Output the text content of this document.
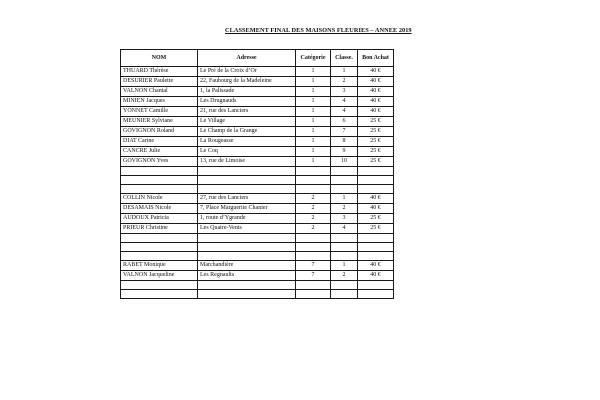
CLASSEMENT FINAL DES MAISONS FLEURIES – ANNEE 2019
NOM	Adresse	Catégorie	Classe.	Bon Achat
THUARD Thérèse	Le Pré de la Croix d’Or	1	1	40 €
DESURIER Paulette	22, Faubourg de la Madeleine	1	2	40 €
VALNON Chantal	1, la Palissade	1	3	40 €
MINIEN Jacques	Les Drugnauds	1	4	40 €
YONNET Camille	21, rue des Lanciers	1	4	40 €
MEUNIER Sylviane	Le Village	1	6	25 €
GOVIGNON Roland	Le Champ de la Grange	1	7	25 €
DIAT Carine	La Rougeasse	1	8	25 €
CANCRE Julie	Le Coq	1	9	25 €
GOVIGNON Yves	13, rue de Limoise	1	10	25 €

COLLIN Nicole	27, rue des Lanciers	2	1	40 €
DESAMAIS Nicole	7, Place Marguerite Chanier	2	2	40 €
AUDOUX Patricia	1, route d’Ygrande	2	3	25 €
PRIEUR Christine	Les Quatre-Vents	2	4	25 €

RABET Monique	Marchandière	7	1	40 €
VALNON Jacqueline	Les Regnaults	7	2	40 €
